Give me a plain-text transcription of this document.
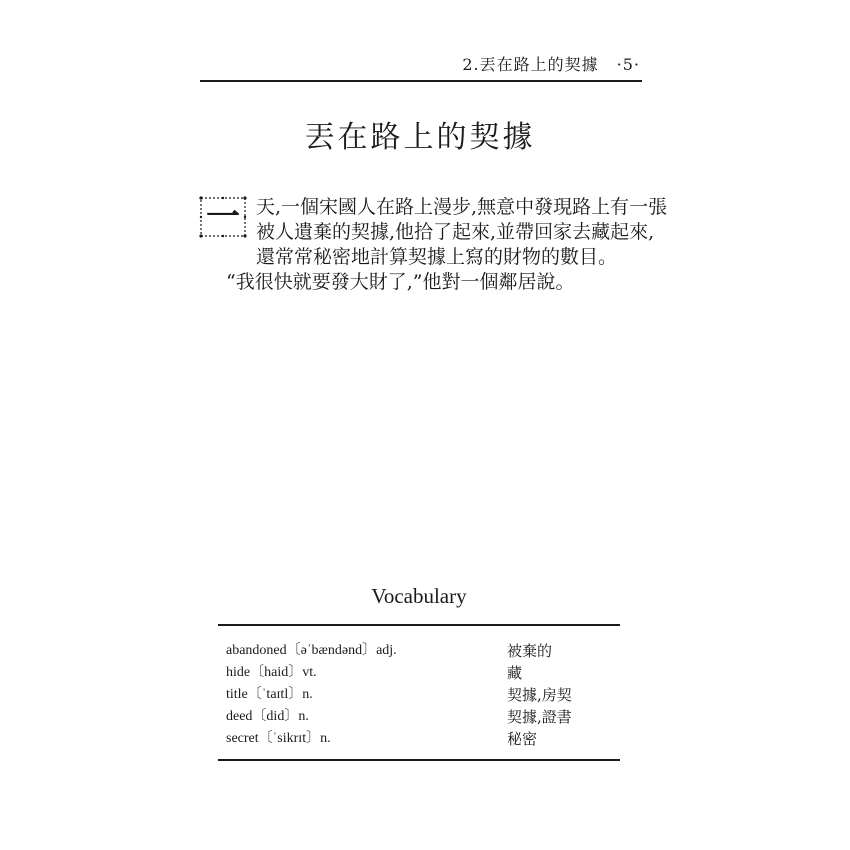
2.丟在路上的契據 ·5·
丟在路上的契據
一 天,一個宋國人在路上漫步,無意中發現路上有一張
被人遺棄的契據,他拾了起來,並帶回家去藏起來,
還常常秘密地計算契據上寫的財物的數目。
“我很快就要發大財了,”他對一個鄰居說。
Vocabulary
abandoned〔əˈbændənd〕adj.	被棄的
hide〔haid〕vt.	藏
title〔ˈtaɪtl〕n.	契據,房契
deed〔did〕n.	契據,證書
secret〔ˈsikrɪt〕n.	秘密
